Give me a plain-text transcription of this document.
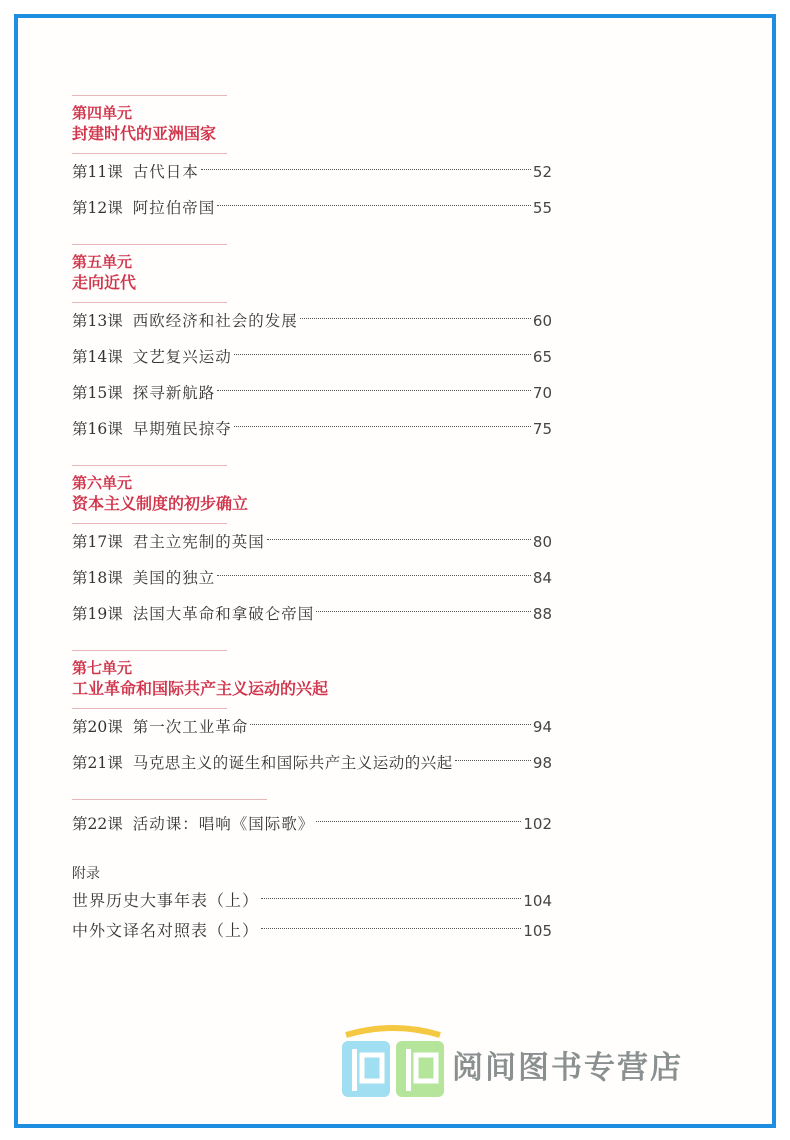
第四单元
封建时代的亚洲国家
第11课 古代日本	52
第12课 阿拉伯帝国	55
第五单元
走向近代
第13课 西欧经济和社会的发展	60
第14课 文艺复兴运动	65
第15课 探寻新航路	70
第16课 早期殖民掠夺	75
第六单元
资本主义制度的初步确立
第17课 君主立宪制的英国	80
第18课 美国的独立	84
第19课 法国大革命和拿破仑帝国	88
第七单元
工业革命和国际共产主义运动的兴起
第20课 第一次工业革命	94
第21课 马克思主义的诞生和国际共产主义运动的兴起	98
第22课 活动课：唱响《国际歌》	102
附录
世界历史大事年表（上）	104
中外文译名对照表（上）	105
阅间图书专营店
